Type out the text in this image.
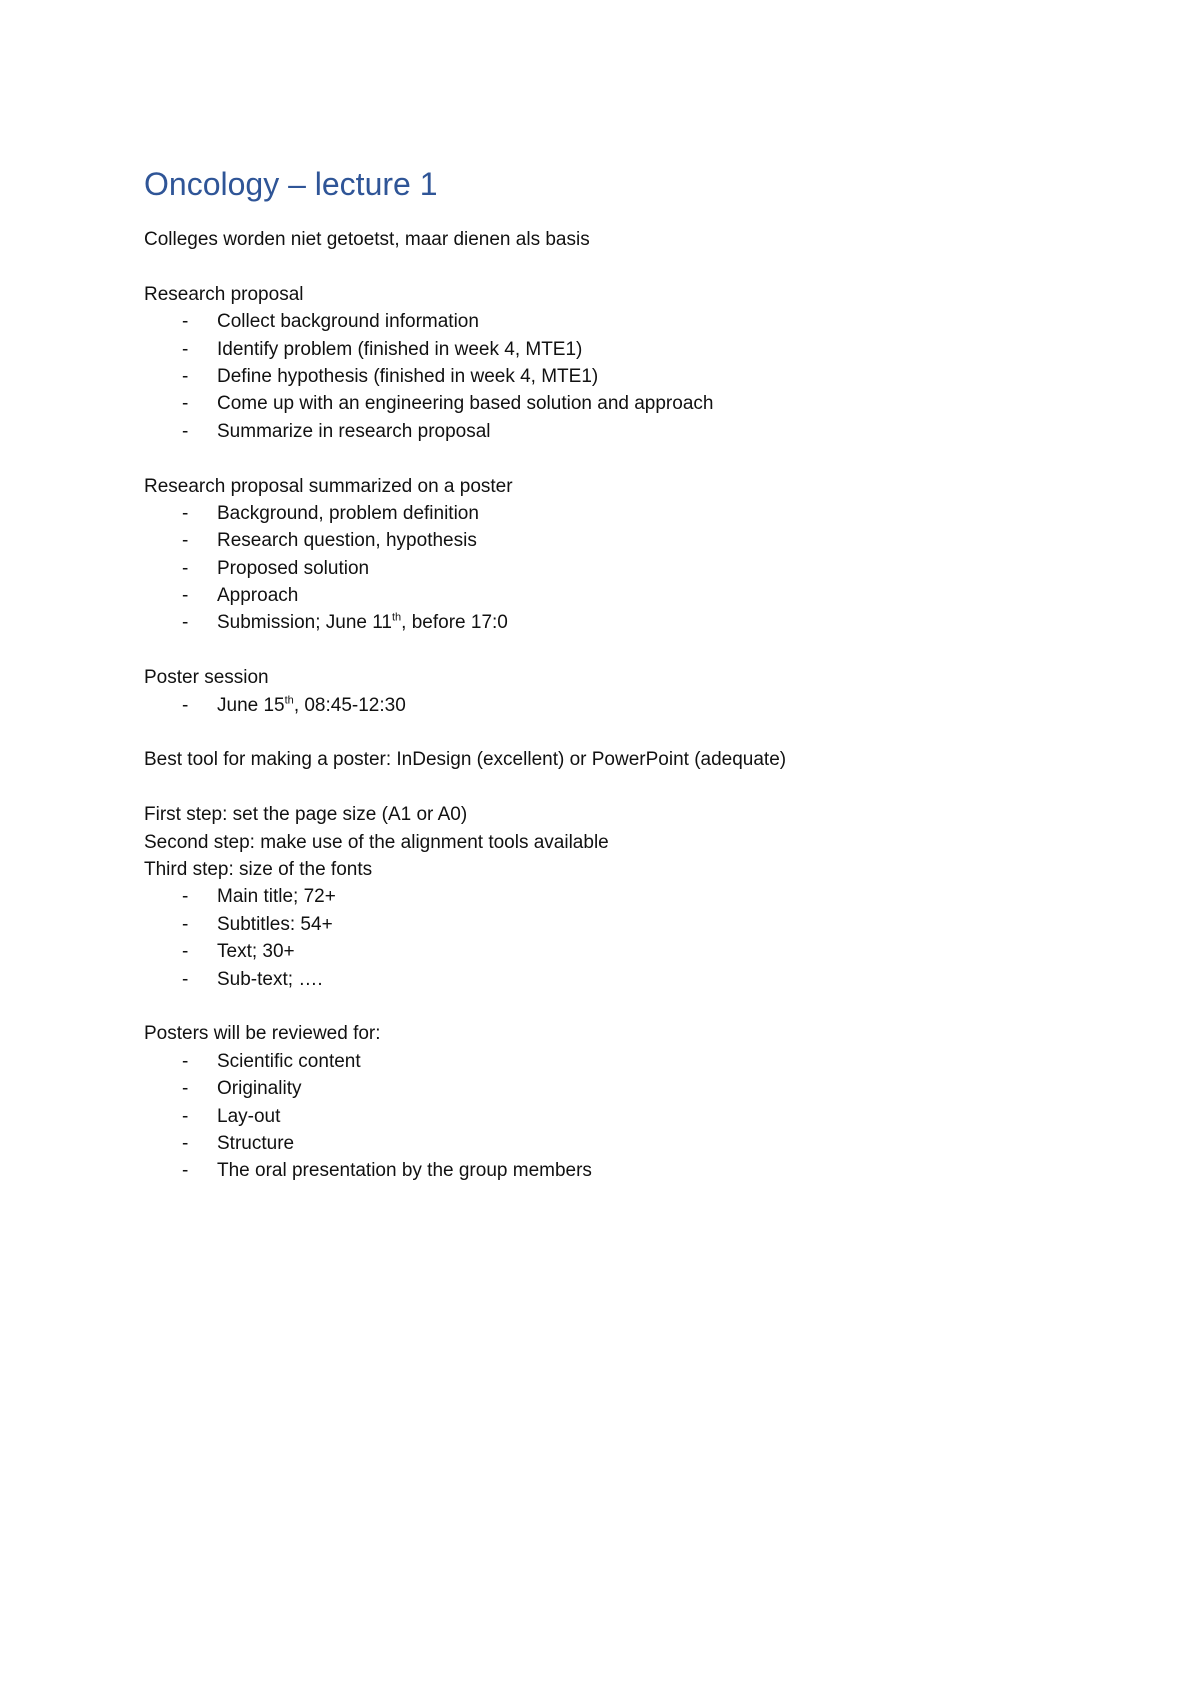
Oncology – lecture 1
Colleges worden niet getoetst, maar dienen als basis
Research proposal
- Collect background information
- Identify problem (finished in week 4, MTE1)
- Define hypothesis (finished in week 4, MTE1)
- Come up with an engineering based solution and approach
- Summarize in research proposal
Research proposal summarized on a poster
- Background, problem definition
- Research question, hypothesis
- Proposed solution
- Approach
- Submission; June 11th, before 17:0
Poster session
- June 15th, 08:45-12:30
Best tool for making a poster: InDesign (excellent) or PowerPoint (adequate)
First step: set the page size (A1 or A0)
Second step: make use of the alignment tools available
Third step: size of the fonts
- Main title; 72+
- Subtitles: 54+
- Text; 30+
- Sub-text; ….
Posters will be reviewed for:
- Scientific content
- Originality
- Lay-out
- Structure
- The oral presentation by the group members
